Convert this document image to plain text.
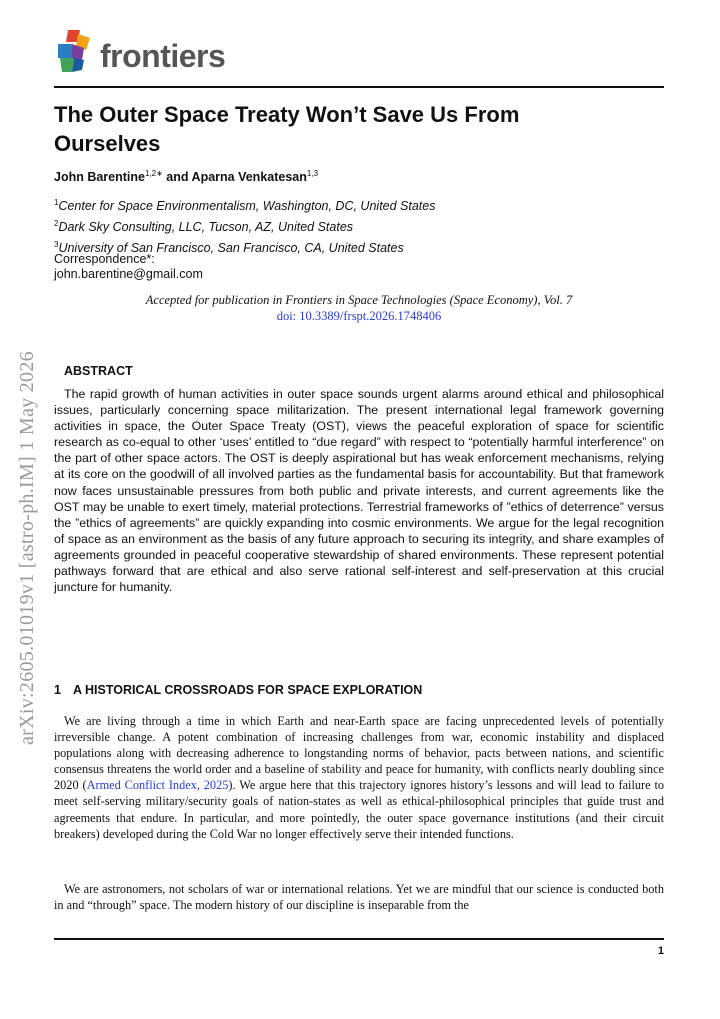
frontiers
arXiv:2605.01019v1 [astro-ph.IM] 1 May 2026
The Outer Space Treaty Won’t Save Us From Ourselves
John Barentine$^{1,2∗}$ and Aparna Venkatesan$^{1,3}$
$^1$Center for Space Environmentalism, Washington, DC, United States
$^2$Dark Sky Consulting, LLC, Tucson, AZ, United States
$^3$University of San Francisco, San Francisco, CA, United States
Correspondence*:
john.barentine@gmail.com
Accepted for publication in Frontiers in Space Technologies (Space Economy), Vol. 7
doi: 10.3389/frspt.2026.1748406
ABSTRACT

The rapid growth of human activities in outer space sounds urgent alarms around ethical and philosophical issues, particularly concerning space militarization. The present international legal framework governing activities in space, the Outer Space Treaty (OST), views the peaceful exploration of space for scientific research as co-equal to other ‘uses’ entitled to “due regard” with respect to “potentially harmful interference” on the part of other space actors. The OST is deeply aspirational but has weak enforcement mechanisms, relying at its core on the goodwill of all involved parties as the fundamental basis for accountability. But that framework now faces unsustainable pressures from both public and private interests, and current agreements like the OST may be unable to exert timely, material protections. Terrestrial frameworks of ”ethics of deterrence” versus the ”ethics of agreements” are quickly expanding into cosmic environments. We argue for the legal recognition of space as an environment as the basis of any future approach to securing its integrity, and share examples of agreements grounded in peaceful cooperative stewardship of shared environments. These represent potential pathways forward that are ethical and also serve rational self-interest and self-preservation at this crucial juncture for humanity.

1 A HISTORICAL CROSSROADS FOR SPACE EXPLORATION

We are living through a time in which Earth and near-Earth space are facing unprecedented levels of potentially irreversible change. A potent combination of increasing challenges from war, economic instability and displaced populations along with decreasing adherence to longstanding norms of behavior, pacts between nations, and scientific consensus threatens the world order and a baseline of stability and peace for humanity, with conflicts nearly doubling since 2020 (Armed Conflict Index, 2025). We argue here that this trajectory ignores history’s lessons and will lead to failure to meet self-serving military/security goals of nation-states as well as ethical-philosophical principles that guide trust and agreements that endure. In particular, and more pointedly, the outer space governance institutions (and their circuit breakers) developed during the Cold War no longer effectively serve their intended functions.

We are astronomers, not scholars of war or international relations. Yet we are mindful that our science is conducted both in and “through” space. The modern history of our discipline is inseparable from the

1
